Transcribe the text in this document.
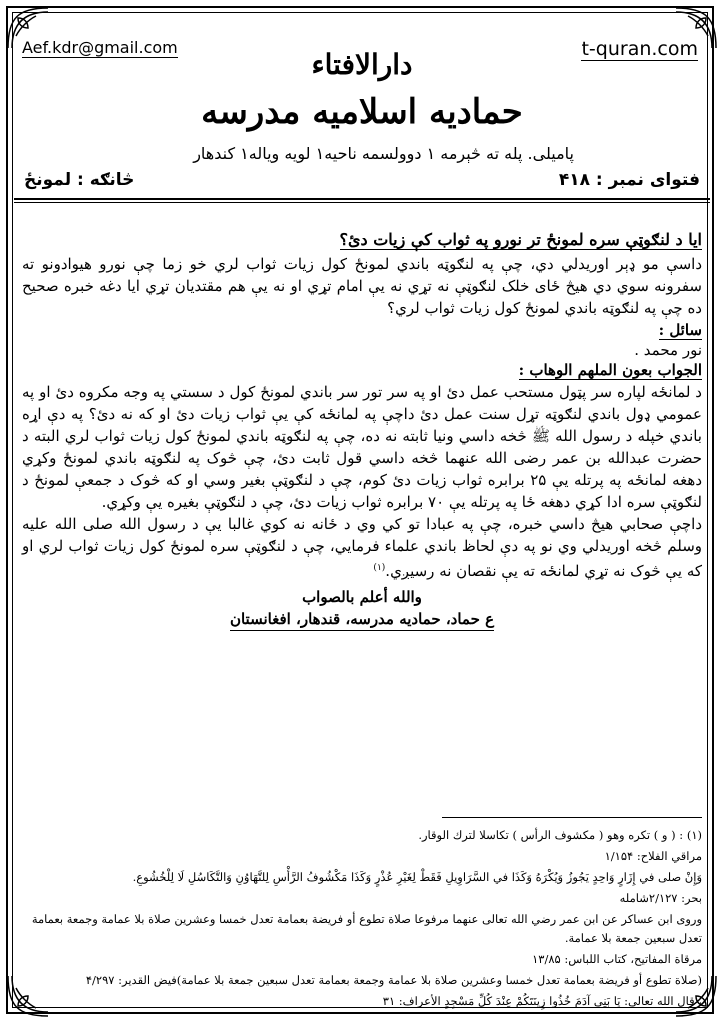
Aef.kdr@gmail.com	t-quran.com
دارالافتاء
حمادیه اسلامیه مدرسه
پاميلی. پله ته څېرمه ۱ دوولسمه ناحيه۱ لويه وياله۱ كندهار
فتوای نمبر : ۴۱۸
څانګه : لمونځ
ايا د لنګوټې سره لمونځ تر نورو په ثواب کې زيات دئ؟

داسې مو ډېر اوريدلي دي، چې په لنګوټه باندي لمونځ کول زيات ثواب لري خو زما چې نورو هيوادونو ته سفرونه سوي دي هيڅ ځای خلک لنګوټې نه تړي نه يې امام تړي او نه يې هم مقتديان تړي ايا دغه خبره صحيح ده چې په لنګوټه باندي لمونځ کول زيات ثواب لري؟

سائل :
نور محمد .
الجواب بعون الملهم الوهاب :

د لمانځه لپاره سر پټول مستحب عمل دئ او په سر تور سر باندي لمونځ کول د سستي په وجه مکروه دئ او په عمومي ډول باندي لنګوټه تړل سنت عمل دئ داچې په لمانځه کې يې ثواب زيات دئ او که نه دئ؟ په دې اړه باندي خپله د رسول الله ﷺ څخه داسي ونيا ثابته نه ده، چې په لنګوټه باندي لمونځ کول زيات ثواب لري البته د حضرت عبدالله بن عمر رضی الله عنهما څخه داسي قول ثابت دئ، چې څوک په لنګوټه باندي لمونځ وکړي دهغه لمانځه په پرتله يې ۲۵ برابره ثواب زيات دئ کوم، چې د لنګوټې بغير وسي او که څوک د جمعې لمونځ د لنګوټې سره ادا کړي دهغه ځا په پرتله يې ۷۰ برابره ثواب زيات دئ، چې د لنګوټې بغيره يې وکړي.

داچې صحابي هيڅ داسي خبره، چې په عبادا تو کي وي د ځانه نه کوي غالبا يې د رسول الله صلی الله عليه وسلم څخه اوريدلي وي نو په دې لحاظ باندي علماء فرمايي، چې د لنګوټې سره لمونځ کول زيات ثواب لري او که يې څوک نه تړي لمانځه ته يې نقصان نه رسيږي.$^{(۱)}$

والله أعلم بالصواب
ع حماد، حماديه مدرسه، قندهار، افغانستان

(۱) : ( و ) تكره وهو ( مكشوف الرأس ) تكاسلا لترك الوقار.

مراقي الفلاح: ۱/۱۵۴

وَإِنْ صلى في إِزَارٍ وَاحِدٍ يَجُوزُ وَيُكْرَهُ وَكَذَا في السَّرَاوِيلِ فَقَطْ لِغَيْرِ عُذْرٍ وَكَذَا مَكْشُوفُ الرَّأْسِ لِلتَّهَاوُنِ وَالتَّكَاسُلِ لَا لِلْخُشُوعِ.

بحر: ۲/۱۲۷شامله

وروى ابن عساكر عن ابن عمر رضي الله تعالى عنهما مرفوعا صلاة تطوع أو فريضة بعمامة تعدل خمسا وعشرين صلاة بلا عمامة وجمعة بعمامة تعدل سبعين جمعة بلا عمامة.

مرقاة المفاتيح، كتاب اللباس: ۱۳/۸۵

(صلاة تطوع أو فريضة بعمامة تعدل خمسا وعشرين صلاة بلا عمامة وجمعة بعمامة تعدل سبعين جمعة بلا عمامة)فيض القدير: ۴/۲۹۷

، قال الله تعالى: يَا بَنِي آدَمَ خُذُوا زِينَتَكُمْ عِنْدَ كُلِّ مَسْجِدٍ الأعراف: ۳۱
